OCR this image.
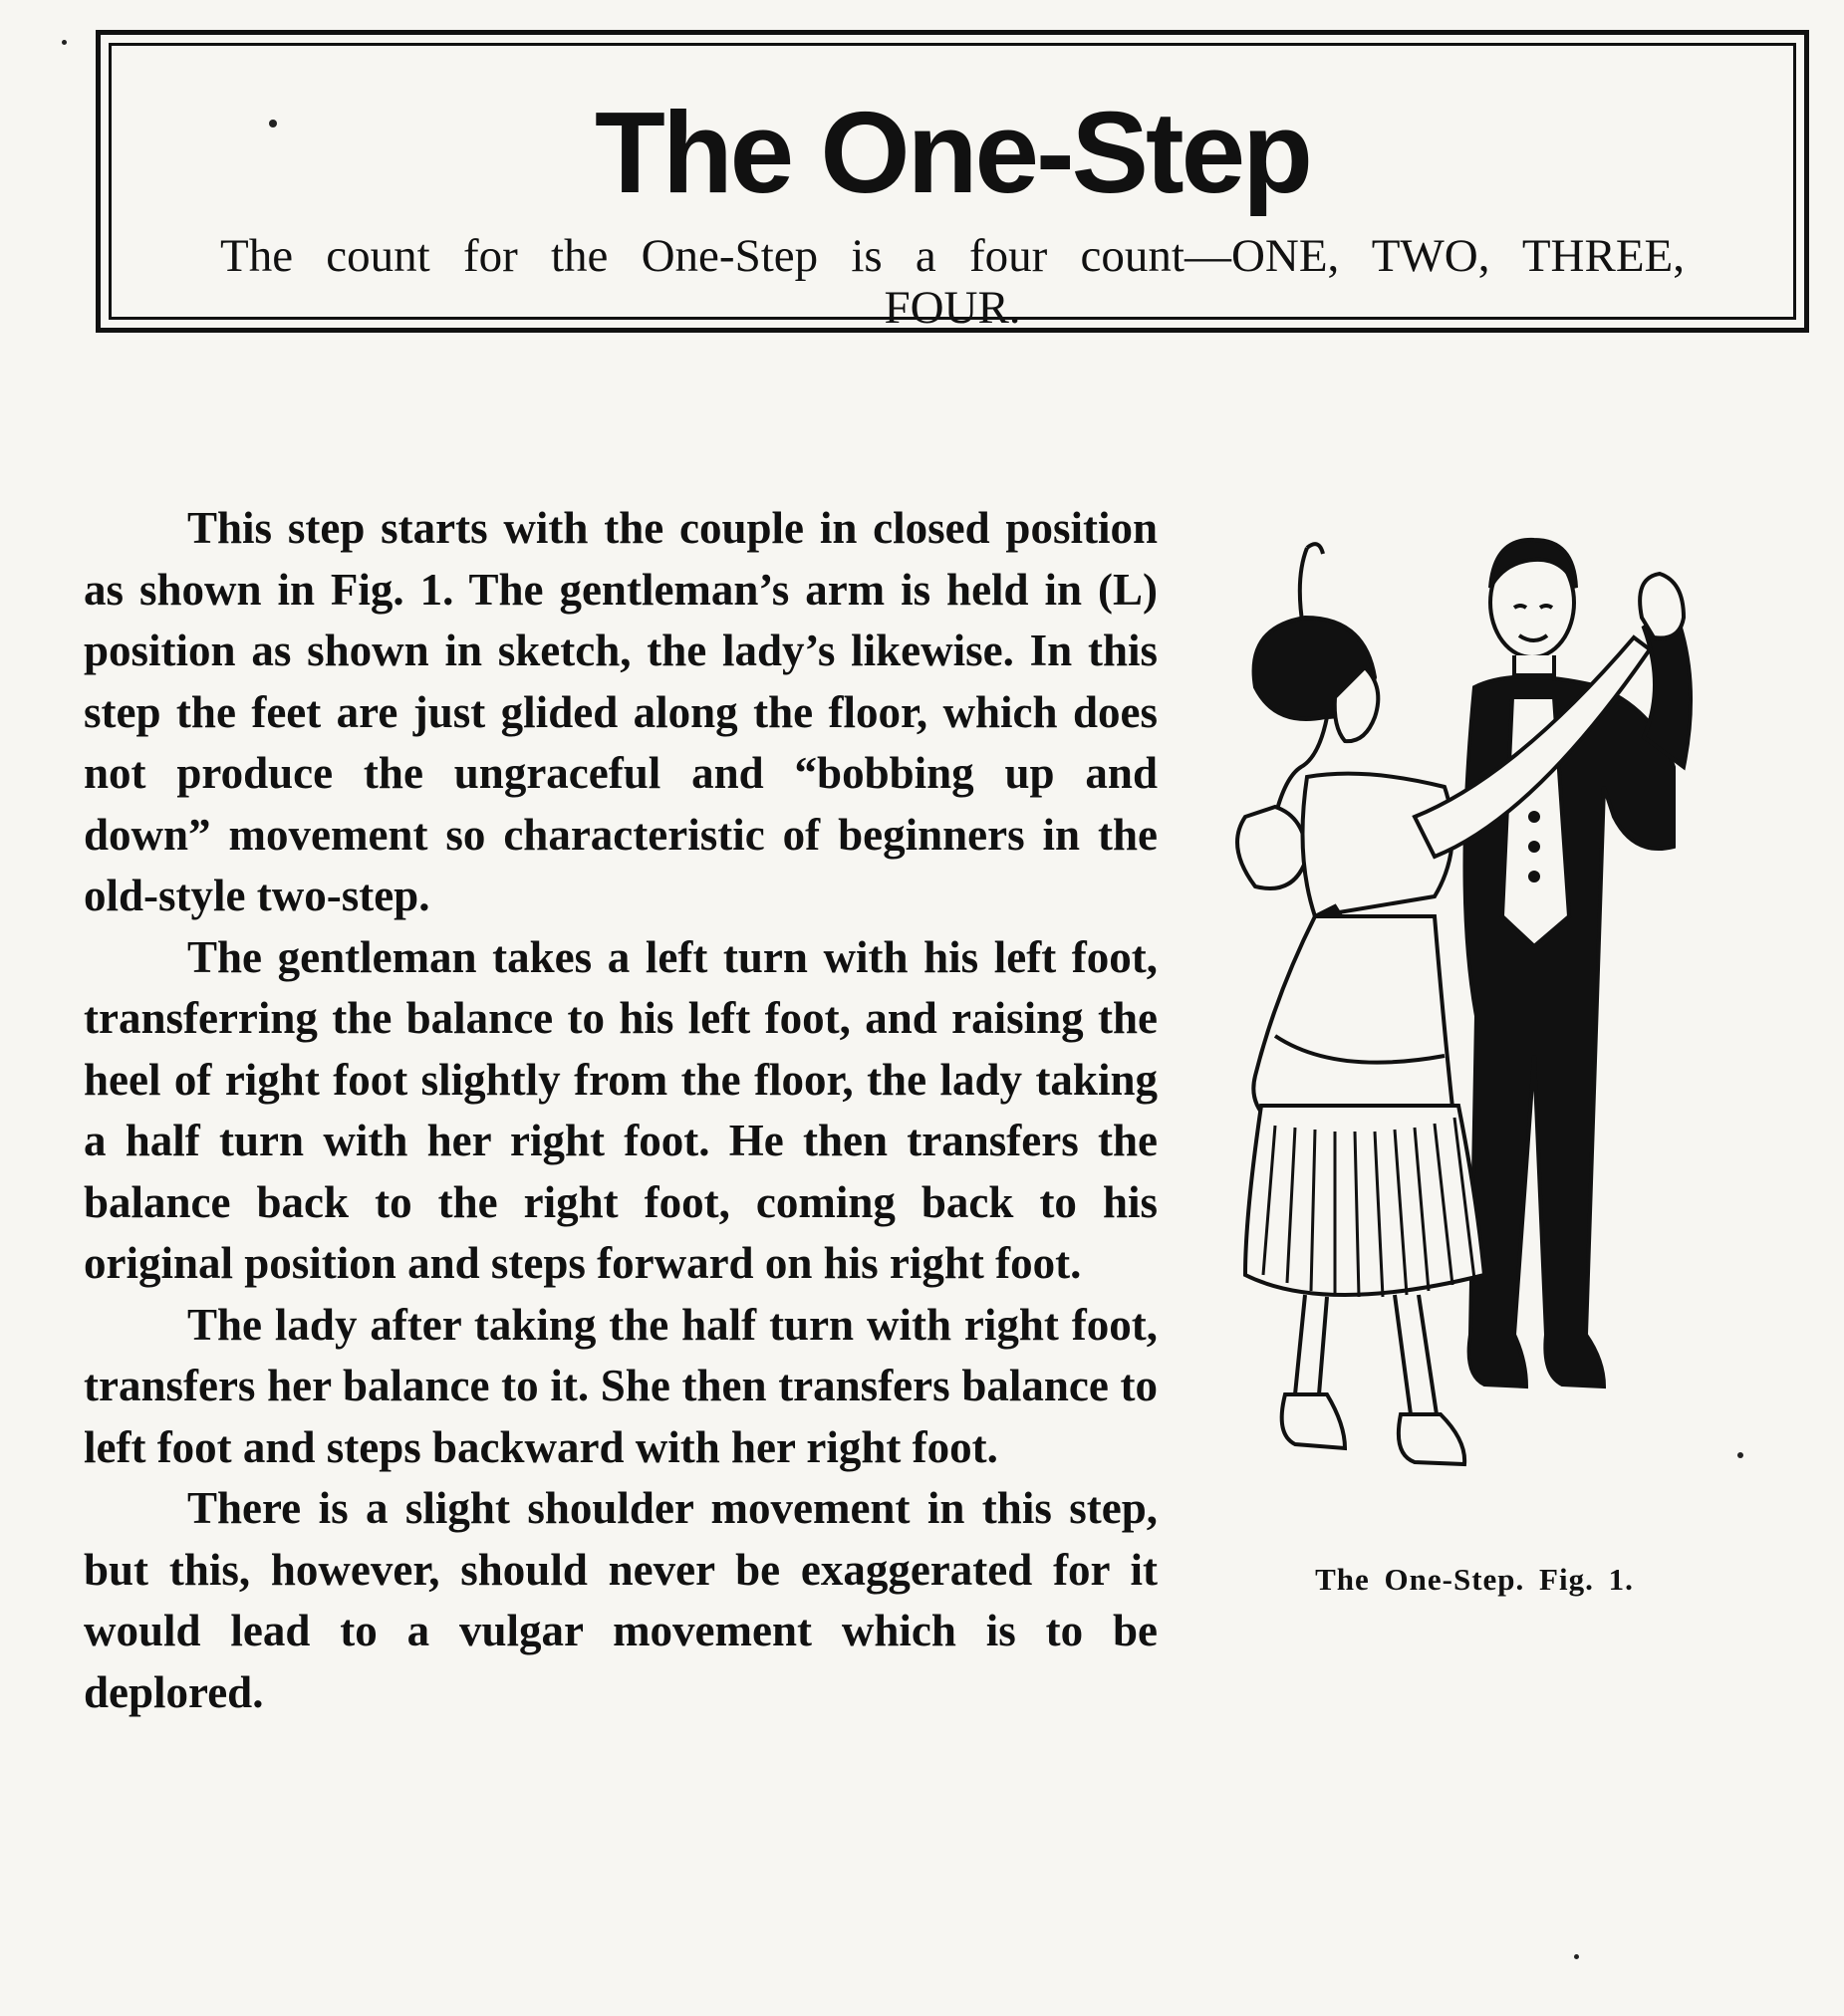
The One-Step
The count for the One-Step is a four count—ONE, TWO, THREE, FOUR.

This step starts with the couple in closed position as shown in Fig. 1. The gentleman’s arm is held in (L) position as shown in sketch, the lady’s likewise. In this step the feet are just glided along the floor, which does not produce the ungraceful and “bobbing up and down” movement so characteristic of beginners in the old-style two-step.

The gentleman takes a left turn with his left foot, transferring the balance to his left foot, and raising the heel of right foot slightly from the floor, the lady taking a half turn with her right foot. He then transfers the balance back to the right foot, coming back to his original position and steps forward on his right foot.

The lady after taking the half turn with right foot, transfers her balance to it. She then transfers balance to left foot and steps backward with her right foot.

There is a slight shoulder movement in this step, but this, however, should never be exaggerated for it would lead to a vulgar movement which is to be deplored.

The One-Step. Fig. 1.
